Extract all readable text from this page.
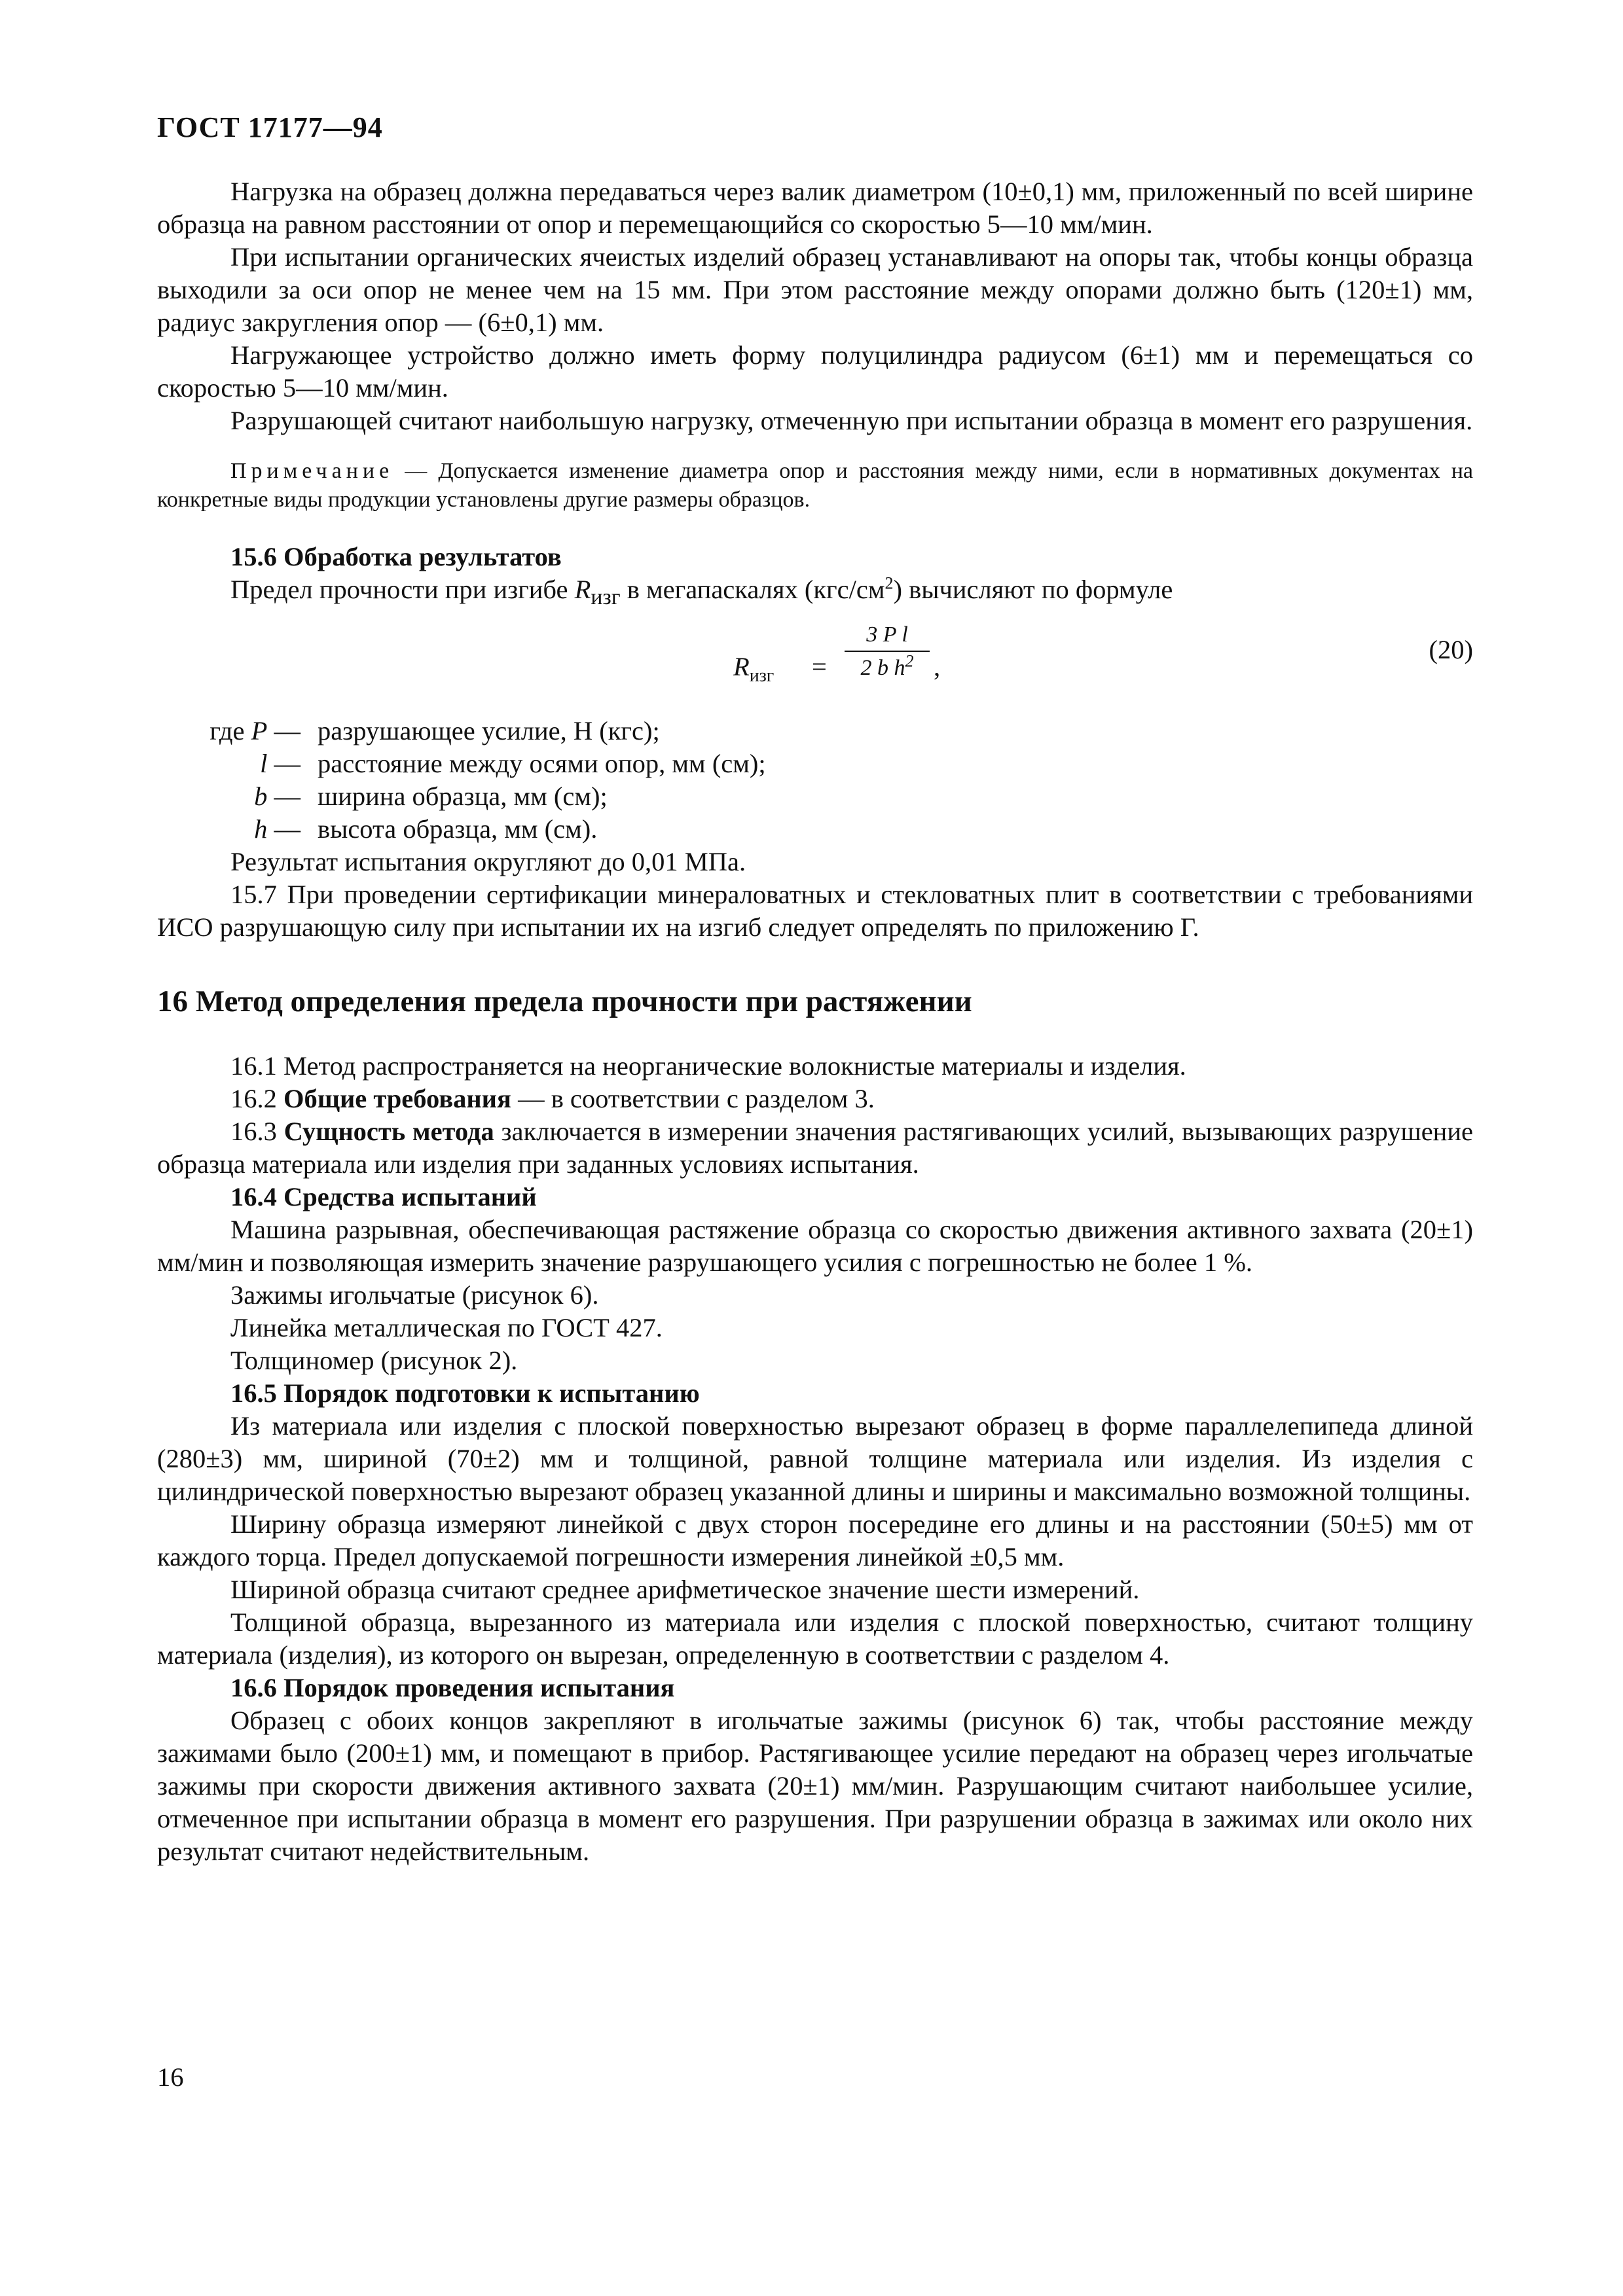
ГОСТ 17177—94

Нагрузка на образец должна передаваться через валик диаметром (10±0,1) мм, приложенный по всей ширине образца на равном расстоянии от опор и перемещающийся со скоростью 5—10 мм/мин.

При испытании органических ячеистых изделий образец устанавливают на опоры так, чтобы концы образца выходили за оси опор не менее чем на 15 мм. При этом расстояние между опорами должно быть (120±1) мм, радиус закругления опор — (6±0,1) мм.

Нагружающее устройство должно иметь форму полуцилиндра радиусом (6±1) мм и перемещаться со скоростью 5—10 мм/мин.

Разрушающей считают наибольшую нагрузку, отмеченную при испытании образца в момент его разрушения.

Примечание — Допускается изменение диаметра опор и расстояния между ними, если в нормативных документах на конкретные виды продукции установлены другие размеры образцов.

15.6 Обработка результатов

Предел прочности при изгибе $R_{изг}$ в мегапаскалях $(кгс/см^2)$ вычисляют по формуле

$R_{изг} = \frac{\text{3 P l}}{2 b h^2}$ ,
(20)
где P — разрушающее усилие, Н (кгс);
l — расстояние между осями опор, мм (см);
b — ширина образца, мм (см);
h — высота образца, мм (см).

Результат испытания округляют до 0,01 МПа.

15.7 При проведении сертификации минераловатных и стекловатных плит в соответствии с требованиями ИСО разрушающую силу при испытании их на изгиб следует определять по приложению Г.

16 Метод определения предела прочности при растяжении

16.1 Метод распространяется на неорганические волокнистые материалы и изделия.

16.2 Общие требования — в соответствии с разделом 3.

16.3 Сущность метода заключается в измерении значения растягивающих усилий, вызывающих разрушение образца материала или изделия при заданных условиях испытания.

16.4 Средства испытаний

Машина разрывная, обеспечивающая растяжение образца со скоростью движения активного захвата (20±1) мм/мин и позволяющая измерить значение разрушающего усилия с погрешностью не более 1 %.

Зажимы игольчатые (рисунок 6).

Линейка металлическая по ГОСТ 427.

Толщиномер (рисунок 2).

16.5 Порядок подготовки к испытанию

Из материала или изделия с плоской поверхностью вырезают образец в форме параллелепипеда длиной (280±3) мм, шириной (70±2) мм и толщиной, равной толщине материала или изделия. Из изделия с цилиндрической поверхностью вырезают образец указанной длины и ширины и максимально возможной толщины.

Ширину образца измеряют линейкой с двух сторон посередине его длины и на расстоянии (50±5) мм от каждого торца. Предел допускаемой погрешности измерения линейкой ±0,5 мм.

Шириной образца считают среднее арифметическое значение шести измерений.

Толщиной образца, вырезанного из материала или изделия с плоской поверхностью, считают толщину материала (изделия), из которого он вырезан, определенную в соответствии с разделом 4.

16.6 Порядок проведения испытания

Образец с обоих концов закрепляют в игольчатые зажимы (рисунок 6) так, чтобы расстояние между зажимами было (200±1) мм, и помещают в прибор. Растягивающее усилие передают на образец через игольчатые зажимы при скорости движения активного захвата (20±1) мм/мин. Разрушающим считают наибольшее усилие, отмеченное при испытании образца в момент его разрушения. При разрушении образца в зажимах или около них результат считают недействительным.

16
